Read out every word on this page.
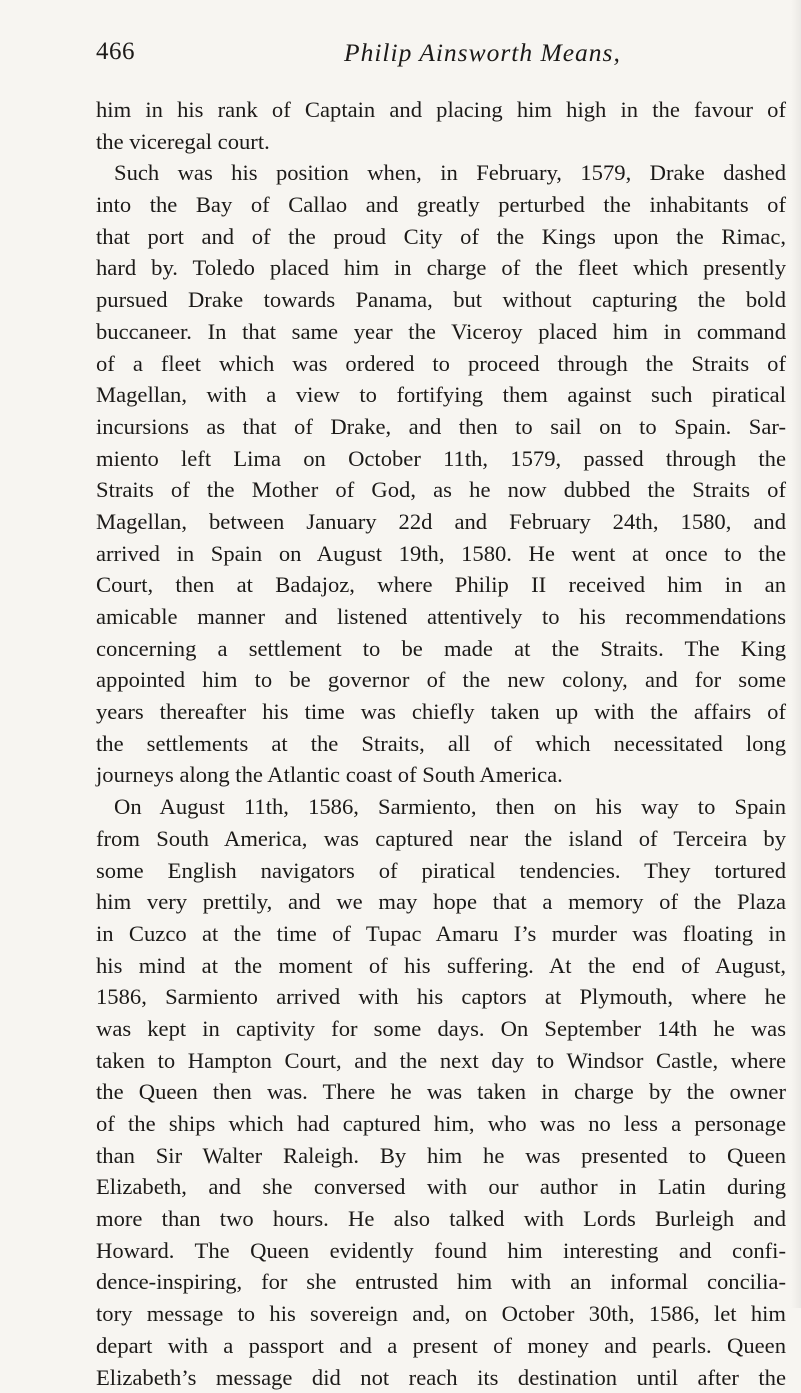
466	Philip Ainsworth Means,
him in his rank of Captain and placing him high in the favour of
the viceregal court.
Such was his position when, in February, 1579, Drake dashed
into the Bay of Callao and greatly perturbed the inhabitants of
that port and of the proud City of the Kings upon the Rimac,
hard by. Toledo placed him in charge of the fleet which presently
pursued Drake towards Panama, but without capturing the bold
buccaneer. In that same year the Viceroy placed him in command
of a fleet which was ordered to proceed through the Straits of
Magellan, with a view to fortifying them against such piratical
incursions as that of Drake, and then to sail on to Spain. Sar-
miento left Lima on October 11th, 1579, passed through the
Straits of the Mother of God, as he now dubbed the Straits of
Magellan, between January 22d and February 24th, 1580, and
arrived in Spain on August 19th, 1580. He went at once to the
Court, then at Badajoz, where Philip II received him in an
amicable manner and listened attentively to his recommendations
concerning a settlement to be made at the Straits. The King
appointed him to be governor of the new colony, and for some
years thereafter his time was chiefly taken up with the affairs of
the settlements at the Straits, all of which necessitated long
journeys along the Atlantic coast of South America.
On August 11th, 1586, Sarmiento, then on his way to Spain
from South America, was captured near the island of Terceira by
some English navigators of piratical tendencies. They tortured
him very prettily, and we may hope that a memory of the Plaza
in Cuzco at the time of Tupac Amaru I’s murder was floating in
his mind at the moment of his suffering. At the end of August,
1586, Sarmiento arrived with his captors at Plymouth, where he
was kept in captivity for some days. On September 14th he was
taken to Hampton Court, and the next day to Windsor Castle, where
the Queen then was. There he was taken in charge by the owner
of the ships which had captured him, who was no less a personage
than Sir Walter Raleigh. By him he was presented to Queen
Elizabeth, and she conversed with our author in Latin during
more than two hours. He also talked with Lords Burleigh and
Howard. The Queen evidently found him interesting and confi-
dence-inspiring, for she entrusted him with an informal concilia-
tory message to his sovereign and, on October 30th, 1586, let him
depart with a passport and a present of money and pearls. Queen
Elizabeth’s message did not reach its destination until after the
